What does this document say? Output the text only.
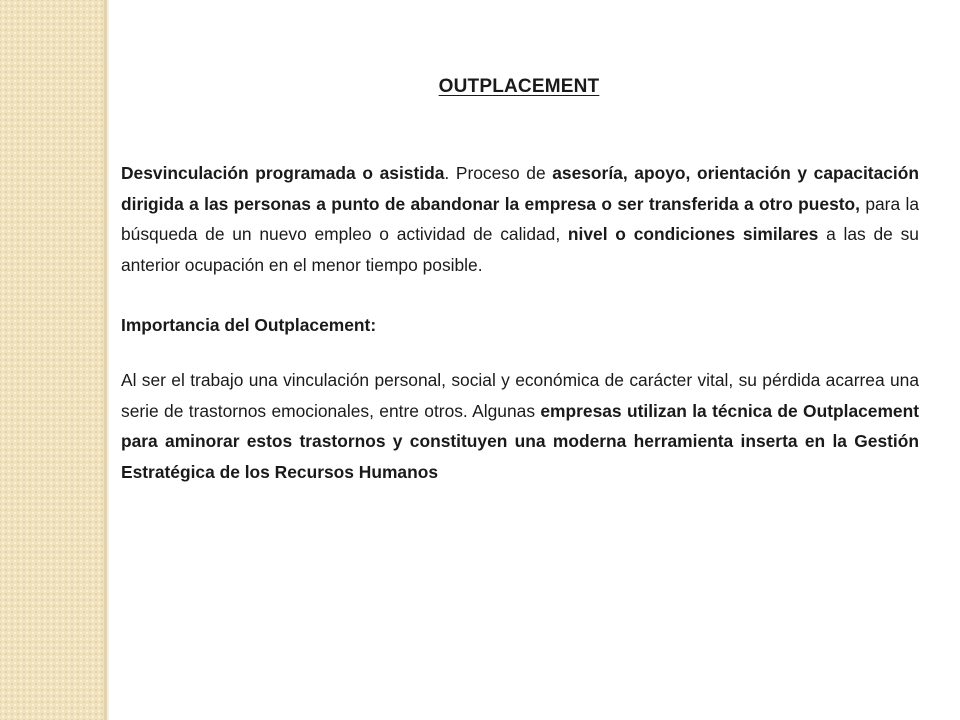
OUTPLACEMENT

Desvinculación programada o asistida. Proceso de asesoría, apoyo, orientación y capacitación dirigida a las personas a punto de abandonar la empresa o ser transferida a otro puesto, para la búsqueda de un nuevo empleo o actividad de calidad, nivel o condiciones similares a las de su anterior ocupación en el menor tiempo posible.

Importancia del Outplacement:

Al ser el trabajo una vinculación personal, social y económica de carácter vital, su pérdida acarrea una serie de trastornos emocionales, entre otros. Algunas empresas utilizan la técnica de Outplacement para aminorar estos trastornos y constituyen una moderna herramienta inserta en la Gestión Estratégica de los Recursos Humanos
